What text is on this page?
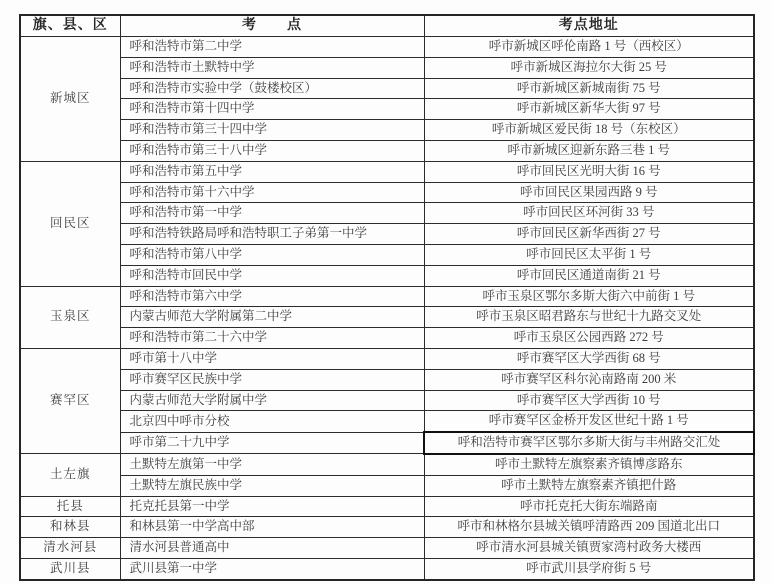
旗、县、区	考　　点	考点地址
新城区	呼和浩特市第二中学	呼市新城区呼伦南路 1 号（西校区）
	呼和浩特市土默特中学	呼市新城区海拉尔大街 25 号
	呼和浩特市实验中学（鼓楼校区）	呼市新城区新城南街 75 号
	呼和浩特市第十四中学	呼市新城区新华大街 97 号
	呼和浩特市第三十四中学	呼市新城区爱民街 18 号（东校区）
	呼和浩特市第三十八中学	呼市新城区迎新东路三巷 1 号
回民区	呼和浩特市第五中学	呼市回民区光明大街 16 号
	呼和浩特市第十六中学	呼市回民区果园西路 9 号
	呼和浩特市第一中学	呼市回民区环河街 33 号
	呼和浩特铁路局呼和浩特职工子弟第一中学	呼市回民区新华西街 27 号
	呼和浩特市第八中学	呼市回民区太平街 1 号
	呼和浩特市回民中学	呼市回民区通道南街 21 号
玉泉区	呼和浩特市第六中学	呼市玉泉区鄂尔多斯大街六中前街 1 号
	内蒙古师范大学附属第二中学	呼市玉泉区昭君路东与世纪十九路交叉处
	呼和浩特市第二十六中学	呼市玉泉区公园西路 272 号
赛罕区	呼市第十八中学	呼市赛罕区大学西街 68 号
	呼市赛罕区民族中学	呼市赛罕区科尔沁南路南 200 米
	内蒙古师范大学附属中学	呼市赛罕区大学西街 10 号
	北京四中呼市分校	呼市赛罕区金桥开发区世纪十路 1 号
	呼市第二十九中学	呼和浩特市赛罕区鄂尔多斯大街与丰州路交汇处
土左旗	土默特左旗第一中学	呼市土默特左旗察素齐镇博彦路东
	土默特左旗民族中学	呼市土默特左旗察素齐镇把什路
托县	托克托县第一中学	呼市托克托大街东端路南
和林县	和林县第一中学高中部	呼市和林格尔县城关镇呼清路西 209 国道北出口
清水河县	清水河县普通高中	呼市清水河县城关镇贾家湾村政务大楼西
武川县	武川县第一中学	呼市武川县学府街 5 号
